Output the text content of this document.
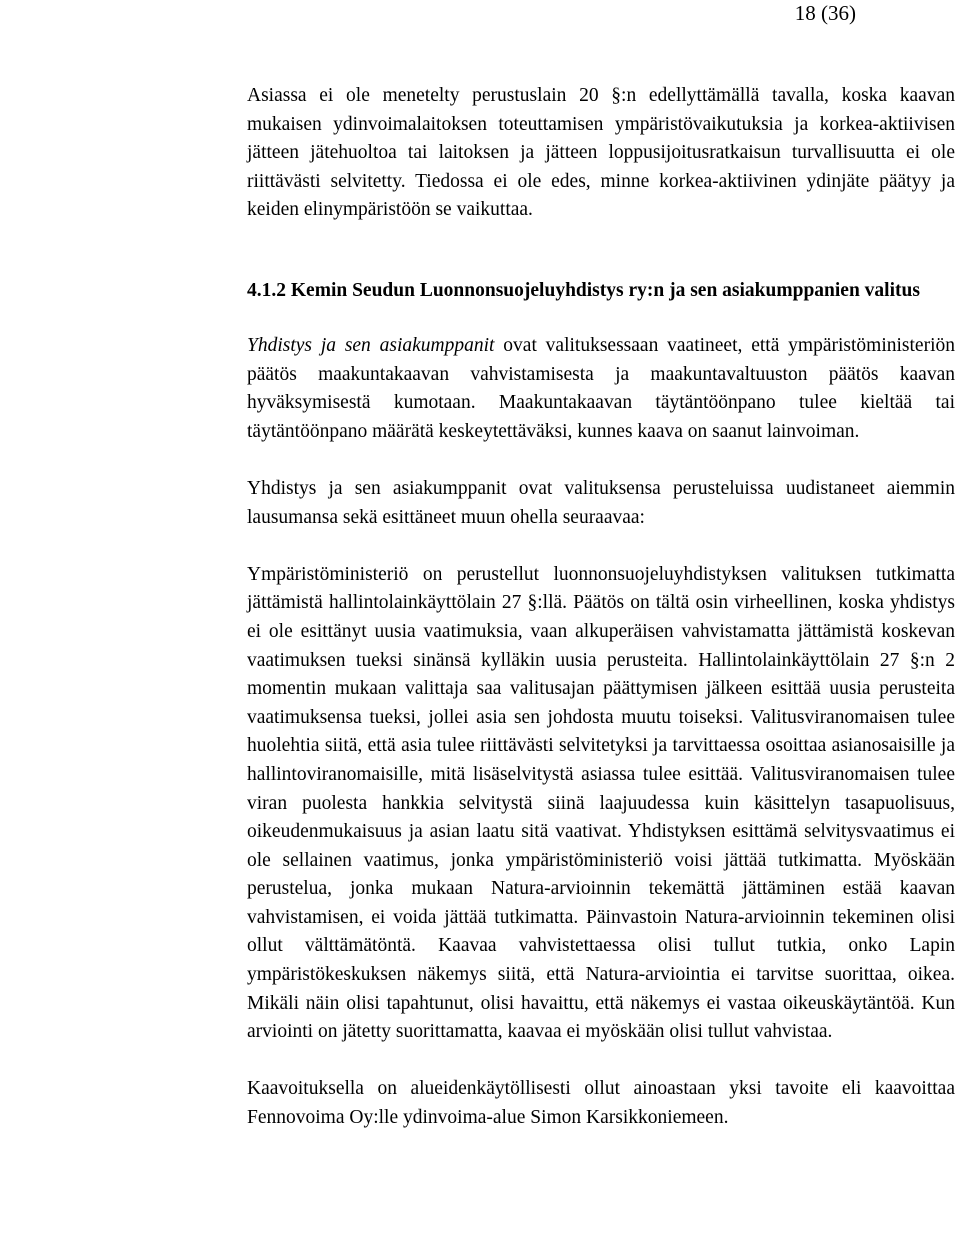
18 (36)

Asiassa ei ole menetelty perustuslain 20 §:n edellyttämällä tavalla, koska kaavan mukaisen ydinvoimalaitoksen toteuttamisen ympäristövaikutuksia ja korkea-aktiivisen jätteen jätehuoltoa tai laitoksen ja jätteen loppusijoitusratkaisun turvallisuutta ei ole riittävästi selvitetty. Tiedossa ei ole edes, minne korkea-aktiivinen ydinjäte päätyy ja keiden elinympäristöön se vaikuttaa.

4.1.2 Kemin Seudun Luonnonsuojeluyhdistys ry:n ja sen asiakumppanien valitus

Yhdistys ja sen asiakumppanit ovat valituksessaan vaatineet, että ympäristöministeriön päätös maakuntakaavan vahvistamisesta ja maakuntavaltuuston päätös kaavan hyväksymisestä kumotaan. Maakuntakaavan täytäntöönpano tulee kieltää tai täytäntöönpano määrätä keskeytettäväksi, kunnes kaava on saanut lainvoiman.

Yhdistys ja sen asiakumppanit ovat valituksensa perusteluissa uudistaneet aiemmin lausumansa sekä esittäneet muun ohella seuraavaa:

Ympäristöministeriö on perustellut luonnonsuojeluyhdistyksen valituksen tutkimatta jättämistä hallintolainkäyttölain 27 §:llä. Päätös on tältä osin virheellinen, koska yhdistys ei ole esittänyt uusia vaatimuksia, vaan alkuperäisen vahvistamatta jättämistä koskevan vaatimuksen tueksi sinänsä kylläkin uusia perusteita. Hallintolainkäyttölain 27 §:n 2 momentin mukaan valittaja saa valitusajan päättymisen jälkeen esittää uusia perusteita vaatimuksensa tueksi, jollei asia sen johdosta muutu toiseksi. Valitusviranomaisen tulee huolehtia siitä, että asia tulee riittävästi selvitetyksi ja tarvittaessa osoittaa asianosaisille ja hallintoviranomaisille, mitä lisäselvitystä asiassa tulee esittää. Valitusviranomaisen tulee viran puolesta hankkia selvitystä siinä laajuudessa kuin käsittelyn tasapuolisuus, oikeudenmukaisuus ja asian laatu sitä vaativat. Yhdistyksen esittämä selvitysvaatimus ei ole sellainen vaatimus, jonka ympäristöministeriö voisi jättää tutkimatta. Myöskään perustelua, jonka mukaan Natura-arvioinnin tekemättä jättäminen estää kaavan vahvistamisen, ei voida jättää tutkimatta. Päinvastoin Natura-arvioinnin tekeminen olisi ollut välttämätöntä. Kaavaa vahvistettaessa olisi tullut tutkia, onko Lapin ympäristökeskuksen näkemys siitä, että Natura-arviointia ei tarvitse suorittaa, oikea. Mikäli näin olisi tapahtunut, olisi havaittu, että näkemys ei vastaa oikeuskäytäntöä. Kun arviointi on jätetty suorittamatta, kaavaa ei myöskään olisi tullut vahvistaa.

Kaavoituksella on alueidenkäytöllisesti ollut ainoastaan yksi tavoite eli kaavoittaa Fennovoima Oy:lle ydinvoima-alue Simon Karsikkoniemeen.
